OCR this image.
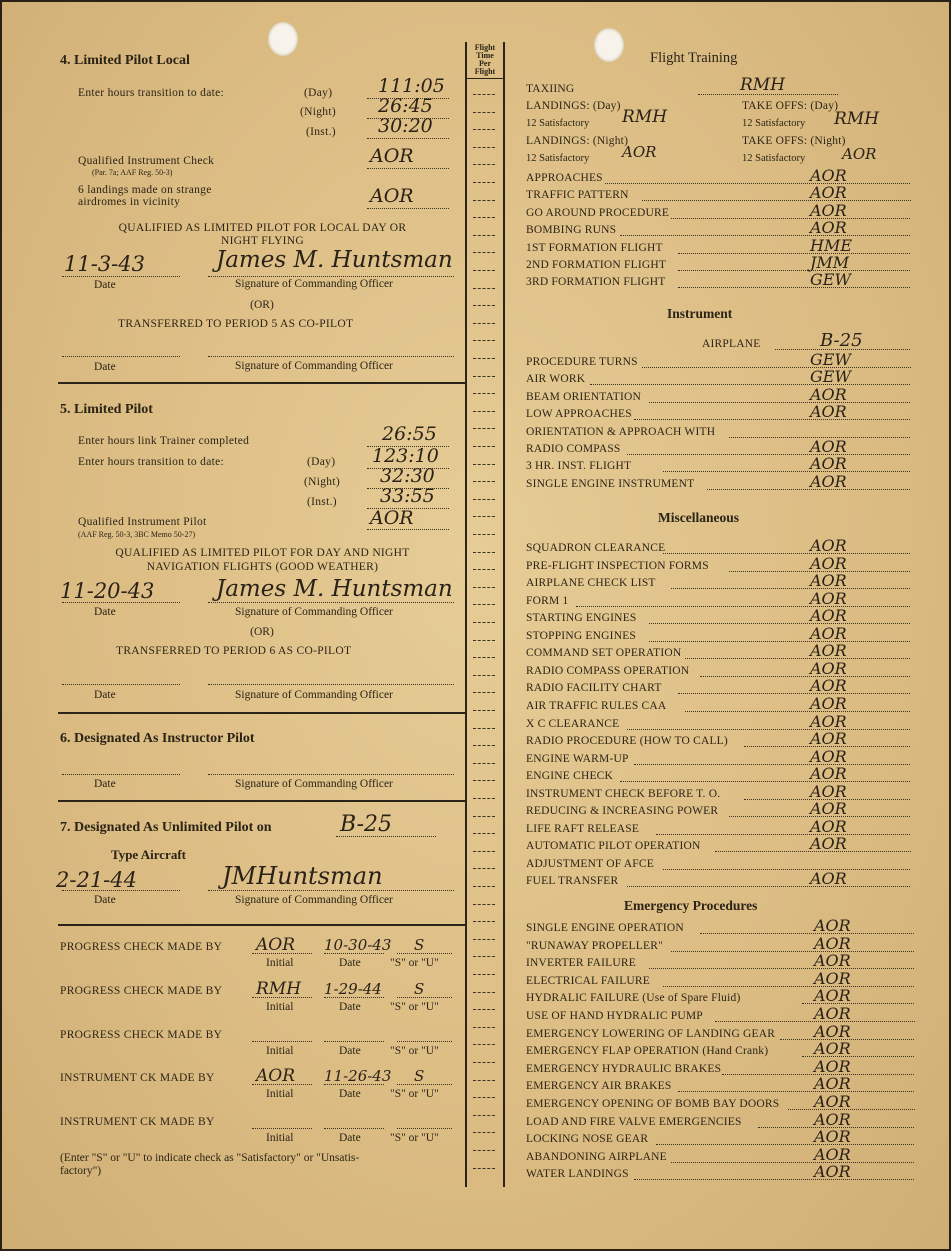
Flight
Time
Per
Flight
4. Limited Pilot Local
Enter hours transition to date:	(Day) 111:05
(Night) 26:45
(Inst.) 30:20
Qualified Instrument Check
(Par. 7a; AAF Reg. 50-3)
AOR
6 landings made on strange
airdromes in vicinity	AOR
QUALIFIED AS LIMITED PILOT FOR LOCAL DAY OR
NIGHT FLYING
11-3-43	James M. Huntsman
Date	Signature of Commanding Officer
(OR)
TRANSFERRED TO PERIOD 5 AS CO-PILOT
Date	Signature of Commanding Officer
5. Limited Pilot
Enter hours link Trainer completed	26:55
Enter hours transition to date:	(Day) 123:10
(Night) 32:30
(Inst.) 33:55
Qualified Instrument Pilot
(AAF Reg. 50-3, 3BC Memo 50-27)
AOR
QUALIFIED AS LIMITED PILOT FOR DAY AND NIGHT
NAVIGATION FLIGHTS (GOOD WEATHER)
11-20-43	James M. Huntsman
Date	Signature of Commanding Officer
(OR)
TRANSFERRED TO PERIOD 6 AS CO-PILOT
Date	Signature of Commanding Officer
6. Designated As Instructor Pilot
Date	Signature of Commanding Officer
7. Designated As Unlimited Pilot on	B-25
Type Aircraft
2-21-44	JMHuntsman
Date	Signature of Commanding Officer
PROGRESS CHECK MADE BY AOR 10-30-43 S
Initial	Date	"S" or "U"
PROGRESS CHECK MADE BY RMH 1-29-44 S
Initial	Date	"S" or "U"
PROGRESS CHECK MADE BY
Initial	Date	"S" or "U"
INSTRUMENT CK MADE BY AOR 11-26-43 S
Initial	Date	"S" or "U"
INSTRUMENT CK MADE BY
Initial	Date	"S" or "U"
(Enter "S" or "U" to indicate check as "Satisfactory" or "Unsatis-
factory")
Flight Training
TAXIING	RMH
LANDINGS: (Day)	TAKE OFFS: (Day)
12 Satisfactory RMH	12 Satisfactory RMH
LANDINGS: (Night)	TAKE OFFS: (Night)
12 Satisfactory AOR	12 Satisfactory AOR
APPROACHES	AOR
TRAFFIC PATTERN	AOR
GO AROUND PROCEDURE	AOR
BOMBING RUNS	AOR
1ST FORMATION FLIGHT	HME
2ND FORMATION FLIGHT	JMM
3RD FORMATION FLIGHT	GEW
Instrument
AIRPLANE	B-25
PROCEDURE TURNS	GEW
AIR WORK	GEW
BEAM ORIENTATION	AOR
LOW APPROACHES	AOR
ORIENTATION & APPROACH WITH
RADIO COMPASS	AOR
3 HR. INST. FLIGHT	AOR
SINGLE ENGINE INSTRUMENT	AOR
Miscellaneous
SQUADRON CLEARANCE	AOR
PRE-FLIGHT INSPECTION FORMS	AOR
AIRPLANE CHECK LIST	AOR
FORM 1	AOR
STARTING ENGINES	AOR
STOPPING ENGINES	AOR
COMMAND SET OPERATION	AOR
RADIO COMPASS OPERATION	AOR
RADIO FACILITY CHART	AOR
AIR TRAFFIC RULES CAA	AOR
X C CLEARANCE	AOR
RADIO PROCEDURE (HOW TO CALL)	AOR
ENGINE WARM-UP	AOR
ENGINE CHECK	AOR
INSTRUMENT CHECK BEFORE T. O.	AOR
REDUCING & INCREASING POWER	AOR
LIFE RAFT RELEASE	AOR
AUTOMATIC PILOT OPERATION	AOR
ADJUSTMENT OF AFCE
FUEL TRANSFER	AOR
Emergency Procedures
SINGLE ENGINE OPERATION	AOR
"RUNAWAY PROPELLER"	AOR
INVERTER FAILURE	AOR
ELECTRICAL FAILURE	AOR
HYDRALIC FAILURE (Use of Spare Fluid)	AOR
USE OF HAND HYDRALIC PUMP	AOR
EMERGENCY LOWERING OF LANDING GEAR AOR
EMERGENCY FLAP OPERATION (Hand Crank)	AOR
EMERGENCY HYDRAULIC BRAKES	AOR
EMERGENCY AIR BRAKES	AOR
EMERGENCY OPENING OF BOMB BAY DOORS AOR
LOAD AND FIRE VALVE EMERGENCIES	AOR
LOCKING NOSE GEAR	AOR
ABANDONING AIRPLANE	AOR
WATER LANDINGS	AOR
